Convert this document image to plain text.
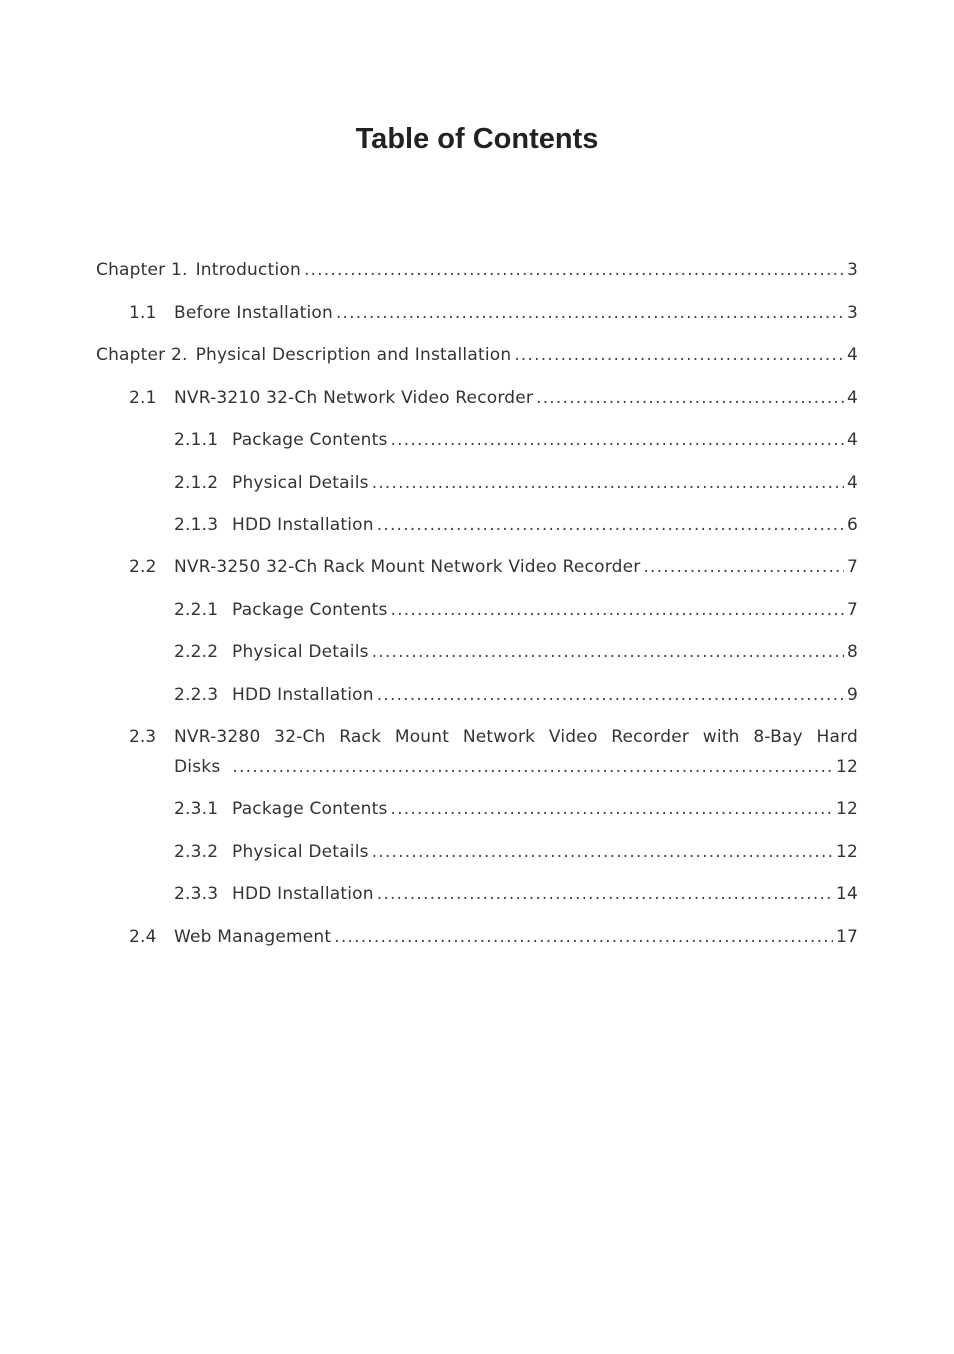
Table of Contents
Chapter 1. Introduction . . .	3
1.1	Before Installation . . .	3
Chapter 2. Physical Description and Installation . . .	4
2.1	NVR-3210 32-Ch Network Video Recorder . . .	4
2.1.1 Package Contents . . .	4
2.1.2 Physical Details . . .	4
2.1.3 HDD Installation . . .	6
2.2	NVR-3250 32-Ch Rack Mount Network Video Recorder . . .	7
2.2.1 Package Contents . . .	7
2.2.2 Physical Details . . .	8
2.2.3 HDD Installation . . .	9
2.3	NVR-3280 32-Ch Rack Mount Network Video Recorder with 8-Bay Hard
Disks . . .	12
2.3.1 Package Contents . . .	12
2.3.2 Physical Details . . .	12
2.3.3 HDD Installation . . .	14
2.4	Web Management . . .	17
